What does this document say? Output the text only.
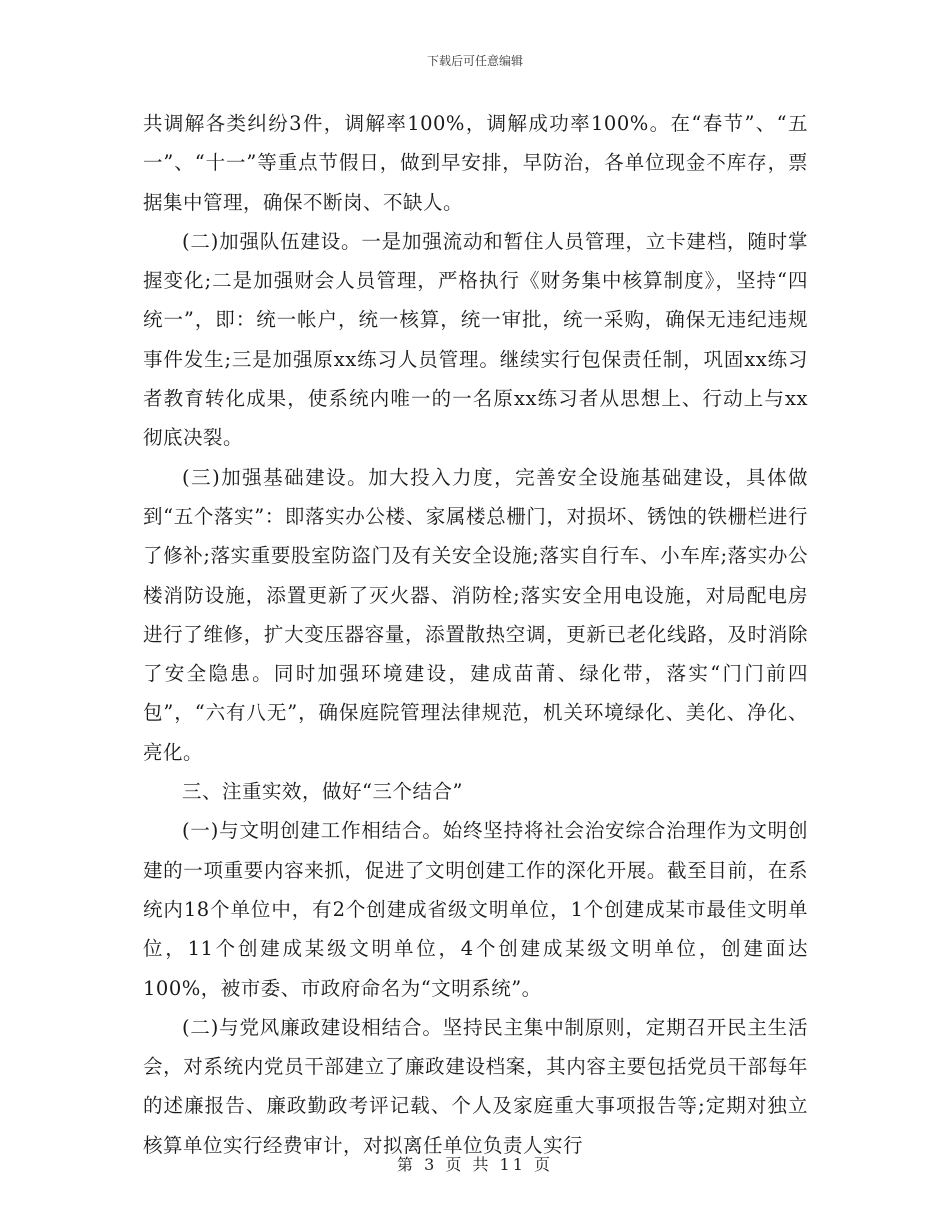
下载后可任意编辑

共调解各类纠纷3件，调解率100%，调解成功率100%。在“春节”、“五一”、“十一”等重点节假日，做到早安排，早防治，各单位现金不库存，票据集中管理，确保不断岗、不缺人。

(二)加强队伍建设。一是加强流动和暂住人员管理，立卡建档，随时掌握变化;二是加强财会人员管理，严格执行《财务集中核算制度》，坚持“四统一”，即：统一帐户，统一核算，统一审批，统一采购，确保无违纪违规事件发生;三是加强原xx练习人员管理。继续实行包保责任制，巩固xx练习者教育转化成果，使系统内唯一的一名原xx练习者从思想上、行动上与xx彻底决裂。

(三)加强基础建设。加大投入力度，完善安全设施基础建设，具体做到“五个落实”：即落实办公楼、家属楼总栅门，对损坏、锈蚀的铁栅栏进行了修补;落实重要股室防盗门及有关安全设施;落实自行车、小车库;落实办公楼消防设施，添置更新了灭火器、消防栓;落实安全用电设施，对局配电房进行了维修，扩大变压器容量，添置散热空调，更新已老化线路，及时消除了安全隐患。同时加强环境建设，建成苗莆、绿化带，落实“门门前四包”，“六有八无”，确保庭院管理法律规范，机关环境绿化、美化、净化、亮化。

三、注重实效，做好“三个结合”

(一)与文明创建工作相结合。始终坚持将社会治安综合治理作为文明创建的一项重要内容来抓，促进了文明创建工作的深化开展。截至目前，在系统内18个单位中，有2个创建成省级文明单位，1个创建成某市最佳文明单位，11个创建成某级文明单位，4个创建成某级文明单位，创建面达100%，被市委、市政府命名为“文明系统”。

(二)与党风廉政建设相结合。坚持民主集中制原则，定期召开民主生活会，对系统内党员干部建立了廉政建设档案，其内容主要包括党员干部每年的述廉报告、廉政勤政考评记载、个人及家庭重大事项报告等;定期对独立核算单位实行经费审计，对拟离任单位负责人实行

第 3 页 共 11 页
